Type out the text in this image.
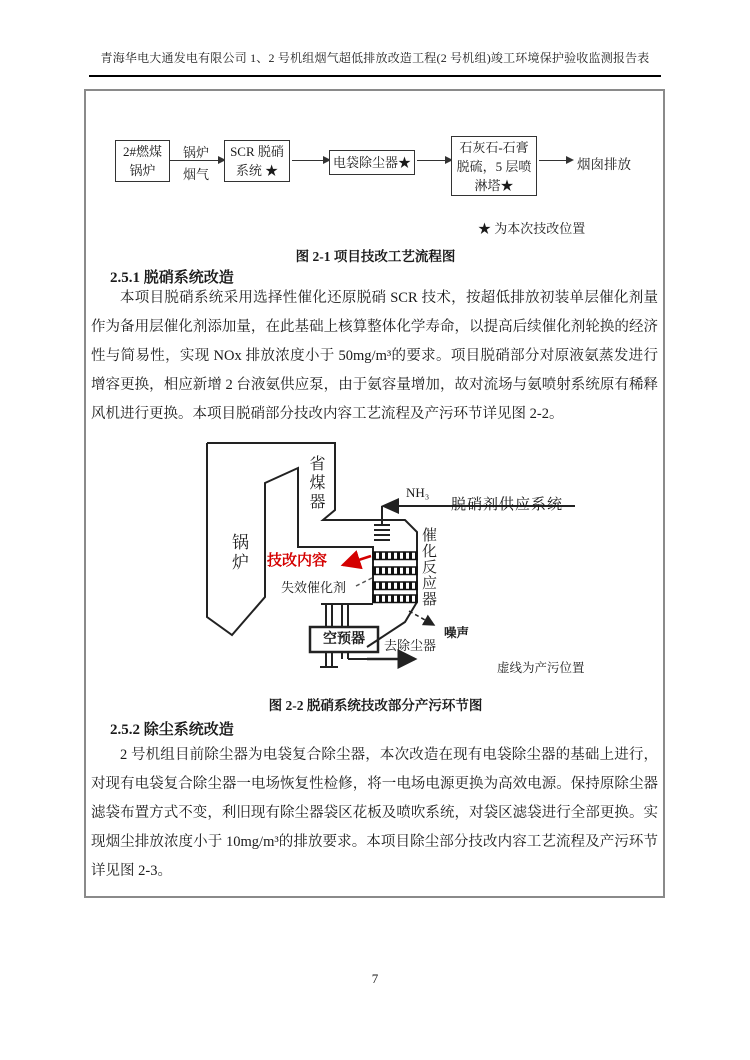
青海华电大通发电有限公司 1、2 号机组烟气超低排放改造工程(2 号机组)竣工环境保护验收监测报告表
2#燃煤
锅炉
锅炉
烟气
SCR 脱硝
系统 ★
电袋除尘器★
石灰石-石膏
脱硫，5 层喷
淋塔★
烟囱排放
★ 为本次技改位置
图 2-1 项目技改工艺流程图
2.5.1 脱硝系统改造
本项目脱硝系统采用选择性催化还原脱硝 SCR 技术，按超低排放初装单层催化剂量作为备用层催化剂添加量，在此基础上核算整体化学寿命，以提高后续催化剂轮换的经济性与简易性，实现 NOx 排放浓度小于 50mg/m³的要求。项目脱硝部分对原液氨蒸发进行增容更换，相应新增 2 台液氨供应泵，由于氨容量增加，故对流场与氨喷射系统原有稀释风机进行更换。本项目脱硝部分技改内容工艺流程及产污环节详见图 2-2。
锅炉
省煤器
催化反应器
NH₃
脱硝剂供应系统
技改内容
失效催化剂
空预器	去除尘器
噪声
虚线为产污位置
图 2-2 脱硝系统技改部分产污环节图
2.5.2 除尘系统改造
2 号机组目前除尘器为电袋复合除尘器，本次改造在现有电袋除尘器的基础上进行，对现有电袋复合除尘器一电场恢复性检修，将一电场电源更换为高效电源。保持原除尘器滤袋布置方式不变，利旧现有除尘器袋区花板及喷吹系统，对袋区滤袋进行全部更换。实现烟尘排放浓度小于 10mg/m³的排放要求。本项目除尘部分技改内容工艺流程及产污环节详见图 2-3。
7
